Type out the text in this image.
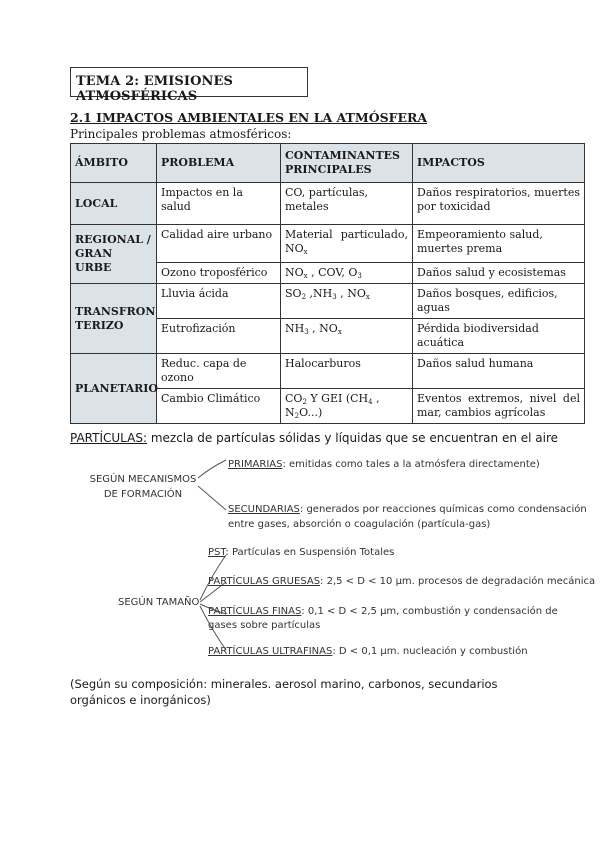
TEMA 2: EMISIONES ATMOSFÉRICAS
2.1 IMPACTOS AMBIENTALES EN LA ATMÓSFERA
Principales problemas atmosféricos:
ÁMBITO	PROBLEMA	CONTAMINANTES PRINCIPALES	IMPACTOS
LOCAL	Impactos en la salud	CO, partículas, metales	Daños respiratorios, muertes por toxicidad
REGIONAL / GRAN URBE	Calidad aire urbano	Material particulado, $NO_x$	Empeoramiento salud, muertes prema
	Ozono troposférico	$NO_x$ , COV, $O_3$	Daños salud y ecosistemas
TRANSFRON TERIZO	Lluvia ácida	$SO_2$ $,NH_3$ , $NO_x$	Daños bosques, edificios, aguas
	Eutrofización	$NH_3$ , $NO_x$	Pérdida biodiversidad acuática
PLANETARIO	Reduc. capa de ozono	Halocarburos	Daños salud humana
	Cambio Climático	$CO_2$ Y GEI ($CH_4$ , $N_2O$...)	Eventos extremos, nivel del mar, cambios agrícolas
PARTÍCULAS: mezcla de partículas sólidas y líquidas que se encuentran en el aire
SEGÚN MECANISMOS DE FORMACIÓN
PRIMARIAS: emitidas como tales a la atmósfera directamente)
SECUNDARIAS: generados por reacciones químicas como condensación entre gases, absorción o coagulación (partícula-gas)
SEGÚN TAMAÑO
PST: Partículas en Suspensión Totales
PARTÍCULAS GRUESAS: 2,5 < D < 10 µm. procesos de degradación mecánica
PARTÍCULAS FINAS: 0,1 < D < 2,5 µm, combustión y condensación de gases sobre partículas
PARTÍCULAS ULTRAFINAS: D < 0,1 µm. nucleación y combustión
(Según su composición: minerales. aerosol marino, carbonos, secundarios orgánicos e inorgánicos)
